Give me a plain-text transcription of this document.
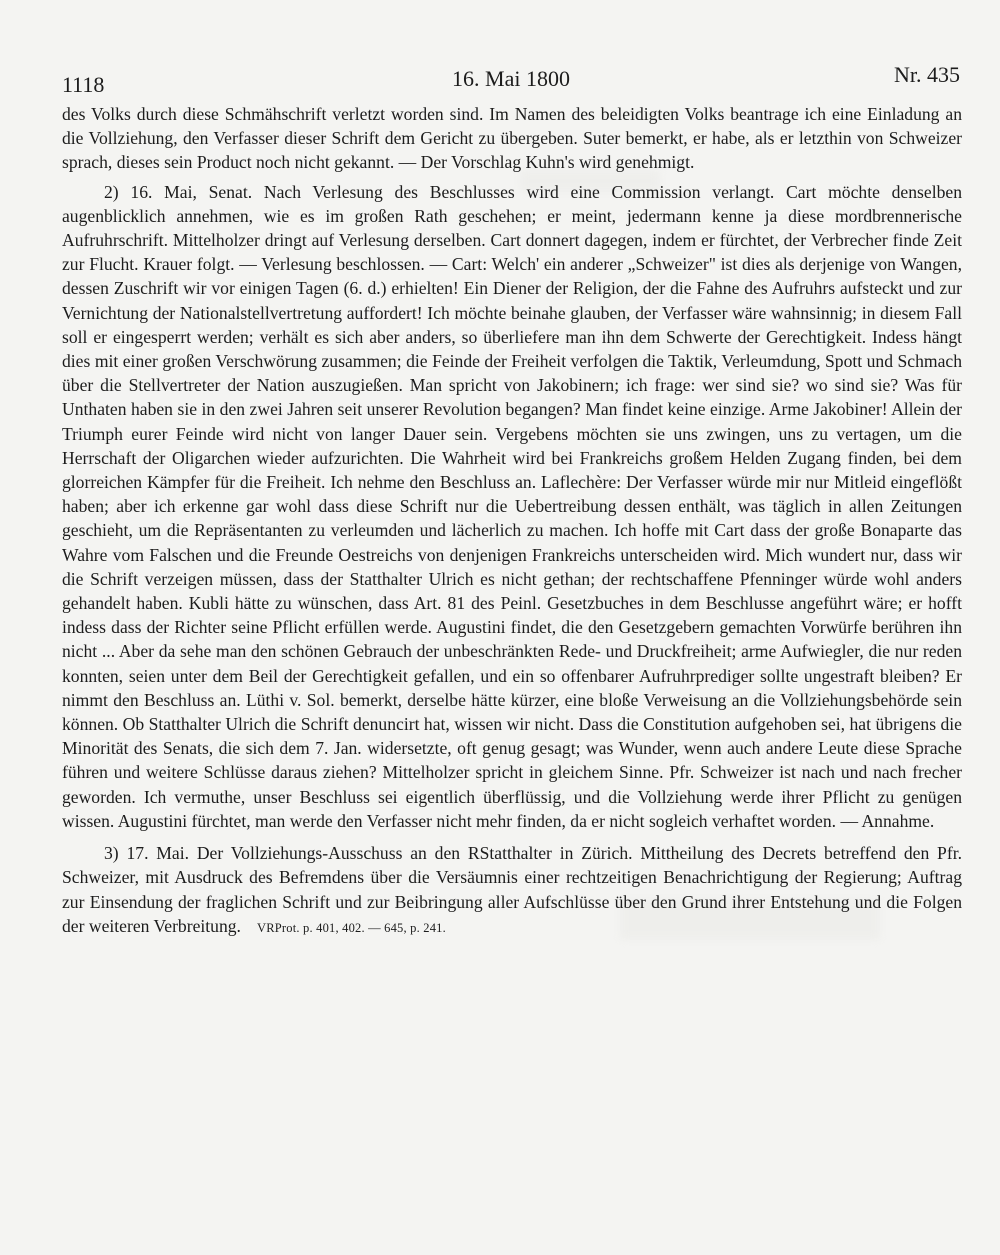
1118	16. Mai 1800	Nr. 435

des Volks durch diese Schmähschrift verletzt worden sind. Im Namen des beleidigten Volks beantrage ich eine Einladung an die Vollziehung, den Verfasser dieser Schrift dem Gericht zu übergeben. Suter bemerkt, er habe, als er letzthin von Schweizer sprach, dieses sein Product noch nicht gekannt. — Der Vorschlag Kuhn's wird genehmigt.

2) 16. Mai, Senat. Nach Verlesung des Beschlusses wird eine Commission verlangt. Cart möchte denselben augenblicklich annehmen, wie es im großen Rath geschehen; er meint, jedermann kenne ja diese mordbrennerische Aufruhrschrift. Mittelholzer dringt auf Verlesung derselben. Cart donnert dagegen, indem er fürchtet, der Verbrecher finde Zeit zur Flucht. Krauer folgt. — Verlesung beschlossen. — Cart: Welch' ein anderer „Schweizer" ist dies als derjenige von Wangen, dessen Zuschrift wir vor einigen Tagen (6. d.) erhielten! Ein Diener der Religion, der die Fahne des Aufruhrs aufsteckt und zur Vernichtung der Nationalstellvertretung auffordert! Ich möchte beinahe glauben, der Verfasser wäre wahnsinnig; in diesem Fall soll er eingesperrt werden; verhält es sich aber anders, so überliefere man ihn dem Schwerte der Gerechtigkeit. Indess hängt dies mit einer großen Verschwörung zusammen; die Feinde der Freiheit verfolgen die Taktik, Verleumdung, Spott und Schmach über die Stellvertreter der Nation auszugießen. Man spricht von Jakobinern; ich frage: wer sind sie? wo sind sie? Was für Unthaten haben sie in den zwei Jahren seit unserer Revolution begangen? Man findet keine einzige. Arme Jakobiner! Allein der Triumph eurer Feinde wird nicht von langer Dauer sein. Vergebens möchten sie uns zwingen, uns zu vertagen, um die Herrschaft der Oligarchen wieder aufzurichten. Die Wahrheit wird bei Frankreichs großem Helden Zugang finden, bei dem glorreichen Kämpfer für die Freiheit. Ich nehme den Beschluss an. Laflechère: Der Verfasser würde mir nur Mitleid eingeflößt haben; aber ich erkenne gar wohl dass diese Schrift nur die Uebertreibung dessen enthält, was täglich in allen Zeitungen geschieht, um die Repräsentanten zu verleumden und lächerlich zu machen. Ich hoffe mit Cart dass der große Bonaparte das Wahre vom Falschen und die Freunde Oestreichs von denjenigen Frankreichs unterscheiden wird. Mich wundert nur, dass wir die Schrift verzeigen müssen, dass der Statthalter Ulrich es nicht gethan; der rechtschaffene Pfenninger würde wohl anders gehandelt haben. Kubli hätte zu wünschen, dass Art. 81 des Peinl. Gesetzbuches in dem Beschlusse angeführt wäre; er hofft indess dass der Richter seine Pflicht erfüllen werde. Augustini findet, die den Gesetzgebern gemachten Vorwürfe berühren ihn nicht ... Aber da sehe man den schönen Gebrauch der unbeschränkten Rede- und Druckfreiheit; arme Aufwiegler, die nur reden konnten, seien unter dem Beil der Gerechtigkeit gefallen, und ein so offenbarer Aufruhrprediger sollte ungestraft bleiben? Er nimmt den Beschluss an. Lüthi v. Sol. bemerkt, derselbe hätte kürzer, eine bloße Verweisung an die Vollziehungsbehörde sein können. Ob Statthalter Ulrich die Schrift denuncirt hat, wissen wir nicht. Dass die Constitution aufgehoben sei, hat übrigens die Minorität des Senats, die sich dem 7. Jan. widersetzte, oft genug gesagt; was Wunder, wenn auch andere Leute diese Sprache führen und weitere Schlüsse daraus ziehen? Mittelholzer spricht in gleichem Sinne. Pfr. Schweizer ist nach und nach frecher geworden. Ich vermuthe, unser Beschluss sei eigentlich überflüssig, und die Vollziehung werde ihrer Pflicht zu genügen wissen. Augustini fürchtet, man werde den Verfasser nicht mehr finden, da er nicht sogleich verhaftet worden. — Annahme.

3) 17. Mai. Der Vollziehungs-Ausschuss an den RStatthalter in Zürich. Mittheilung des Decrets betreffend den Pfr. Schweizer, mit Ausdruck des Befremdens über die Versäumnis einer rechtzeitigen Benachrichtigung der Regierung; Auftrag zur Einsendung der fraglichen Schrift und zur Beibringung aller Aufschlüsse über den Grund ihrer Entstehung und die Folgen der weiteren Verbreitung. VRProt. p. 401, 402. — 645, p. 241.
